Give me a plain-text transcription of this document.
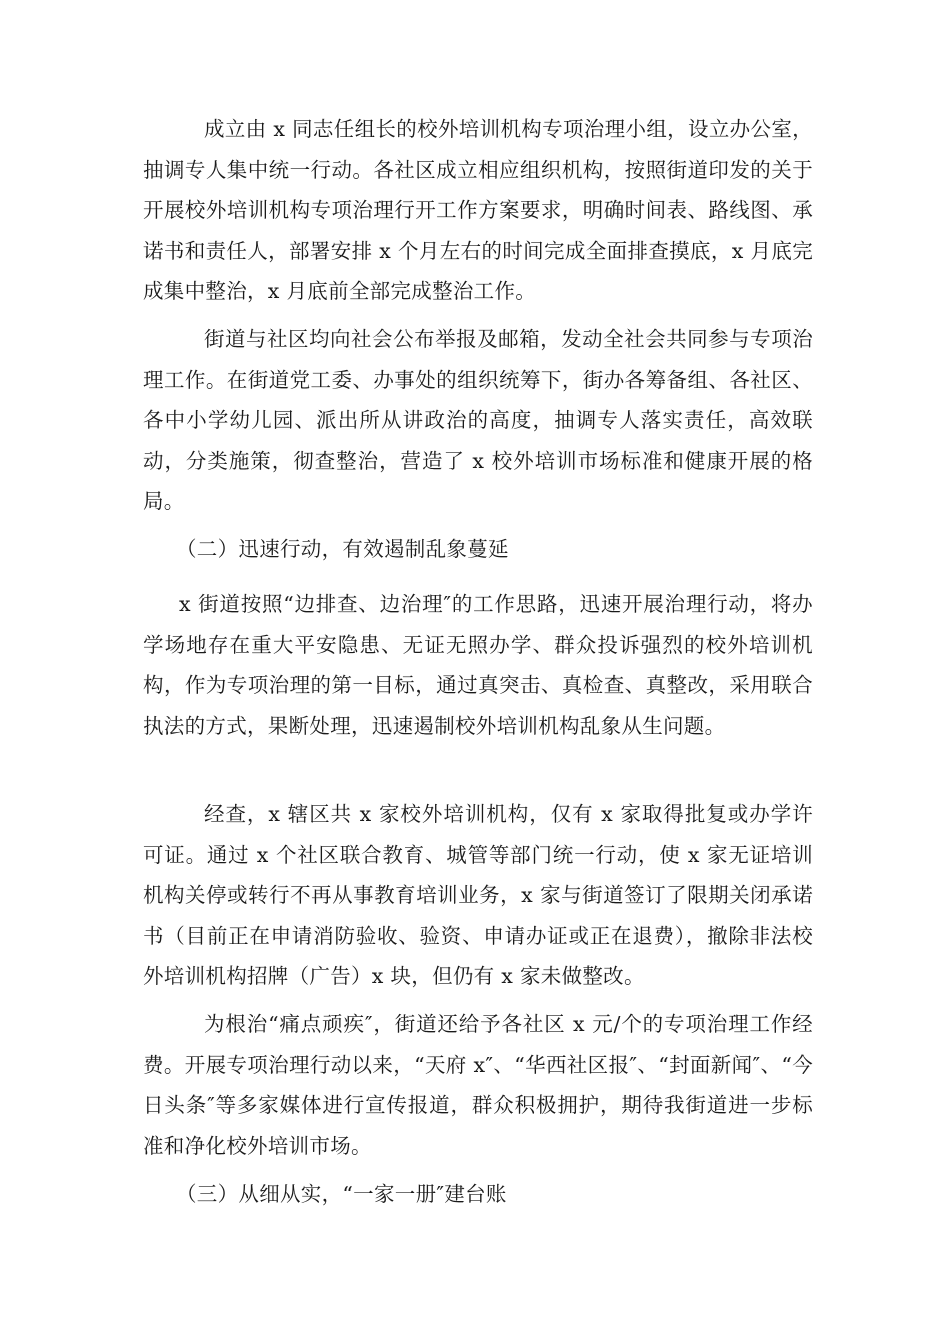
成立由 x 同志任组长的校外培训机构专项治理小组，设立办公室，抽调专人集中统一行动。各社区成立相应组织机构，按照街道印发的关于开展校外培训机构专项治理行开工作方案要求，明确时间表、路线图、承诺书和责任人，部署安排 x 个月左右的时间完成全面排查摸底，x 月底完成集中整治，x 月底前全部完成整治工作。

街道与社区均向社会公布举报及邮箱，发动全社会共同参与专项治理工作。在街道党工委、办事处的组织统筹下，街办各筹备组、各社区、各中小学幼儿园、派出所从讲政治的高度，抽调专人落实责任，高效联动，分类施策，彻查整治，营造了 x 校外培训市场标准和健康开展的格局。

（二）迅速行动，有效遏制乱象蔓延

x 街道按照“边排查、边治理″的工作思路，迅速开展治理行动，将办学场地存在重大平安隐患、无证无照办学、群众投诉强烈的校外培训机构，作为专项治理的第一目标，通过真突击、真检查、真整改，采用联合执法的方式，果断处理，迅速遏制校外培训机构乱象从生问题。

经查，x 辖区共 x 家校外培训机构，仅有 x 家取得批复或办学许可证。通过 x 个社区联合教育、城管等部门统一行动，使 x 家无证培训机构关停或转行不再从事教育培训业务，x 家与街道签订了限期关闭承诺书（目前正在申请消防验收、验资、申请办证或正在退费），撤除非法校外培训机构招牌（广告）x 块，但仍有 x 家未做整改。

为根治“痛点顽疾″，街道还给予各社区 x 元/个的专项治理工作经费。开展专项治理行动以来，“天府 x″、“华西社区报″、“封面新闻″、“今日头条″等多家媒体进行宣传报道，群众积极拥护，期待我街道进一步标准和净化校外培训市场。

（三）从细从实，“一家一册″建台账
